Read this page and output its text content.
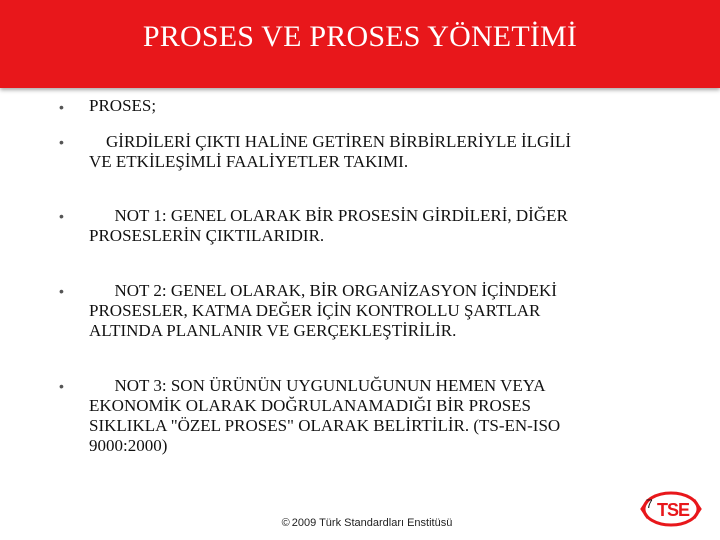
PROSES VE PROSES YÖNETİMİ
• PROSES;
•	GİRDİLERİ ÇIKTI HALİNE GETİREN BİRBİRLERİYLE İLGİLİ
VE ETKİLEŞİMLİ FAALİYETLER TAKIMI.
•	NOT 1: GENEL OLARAK BİR PROSESİN GİRDİLERİ, DİĞER
PROSESLERİN ÇIKTILARIDIR.
•	NOT 2: GENEL OLARAK, BİR ORGANİZASYON İÇİNDEKİ
PROSESLER, KATMA DEĞER İÇİN KONTROLLU ŞARTLAR
ALTINDA PLANLANIR VE GERÇEKLEŞTİRİLİR.
•	NOT 3: SON ÜRÜNÜN UYGUNLUĞUNUN HEMEN VEYA
EKONOMİK OLARAK DOĞRULANAMADIĞI BİR PROSES
SIKLIKLA "ÖZEL PROSES" OLARAK BELİRTİLİR. (TS-EN-ISO
9000:2000)
© 2009 Türk Standardları Enstitüsü
T S
E
7
